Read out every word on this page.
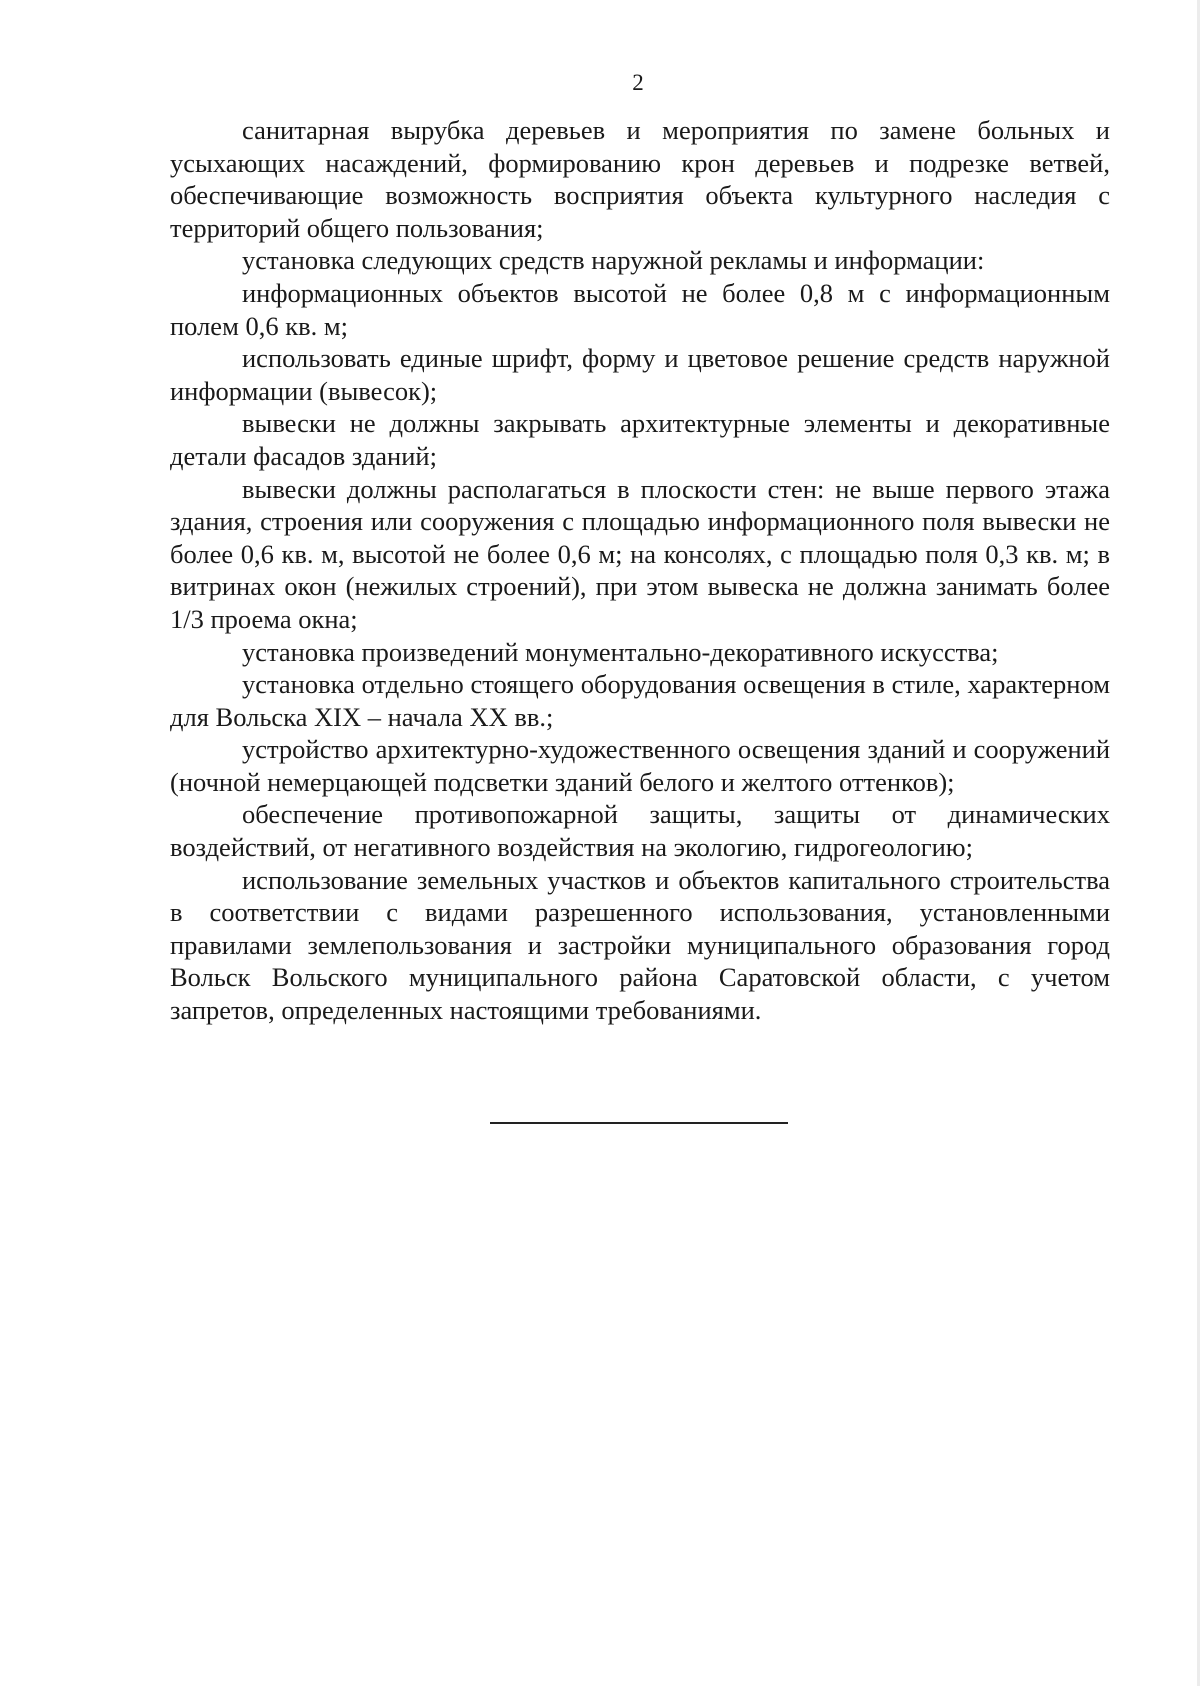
2

санитарная вырубка деревьев и мероприятия по замене больных и усыхающих насаждений, формированию крон деревьев и подрезке ветвей, обеспечивающие возможность восприятия объекта культурного наследия с территорий общего пользования;

установка следующих средств наружной рекламы и информации:

информационных объектов высотой не более 0,8 м с информационным полем 0,6 кв. м;

использовать единые шрифт, форму и цветовое решение средств наружной информации (вывесок);

вывески не должны закрывать архитектурные элементы и декоративные детали фасадов зданий;

вывески должны располагаться в плоскости стен: не выше первого этажа здания, строения или сооружения с площадью информационного поля вывески не более 0,6 кв. м, высотой не более 0,6 м; на консолях, с площадью поля 0,3 кв. м; в витринах окон (нежилых строений), при этом вывеска не должна занимать более 1/3 проема окна;

установка произведений монументально-декоративного искусства;

установка отдельно стоящего оборудования освещения в стиле, характерном для Вольска XIX – начала XX вв.;

устройство архитектурно-художественного освещения зданий и сооружений (ночной немерцающей подсветки зданий белого и желтого оттенков);

обеспечение противопожарной защиты, защиты от динамических воздействий, от негативного воздействия на экологию, гидрогеологию;

использование земельных участков и объектов капитального строительства в соответствии с видами разрешенного использования, установленными правилами землепользования и застройки муниципального образования город Вольск Вольского муниципального района Саратовской области, с учетом запретов, определенных настоящими требованиями.
